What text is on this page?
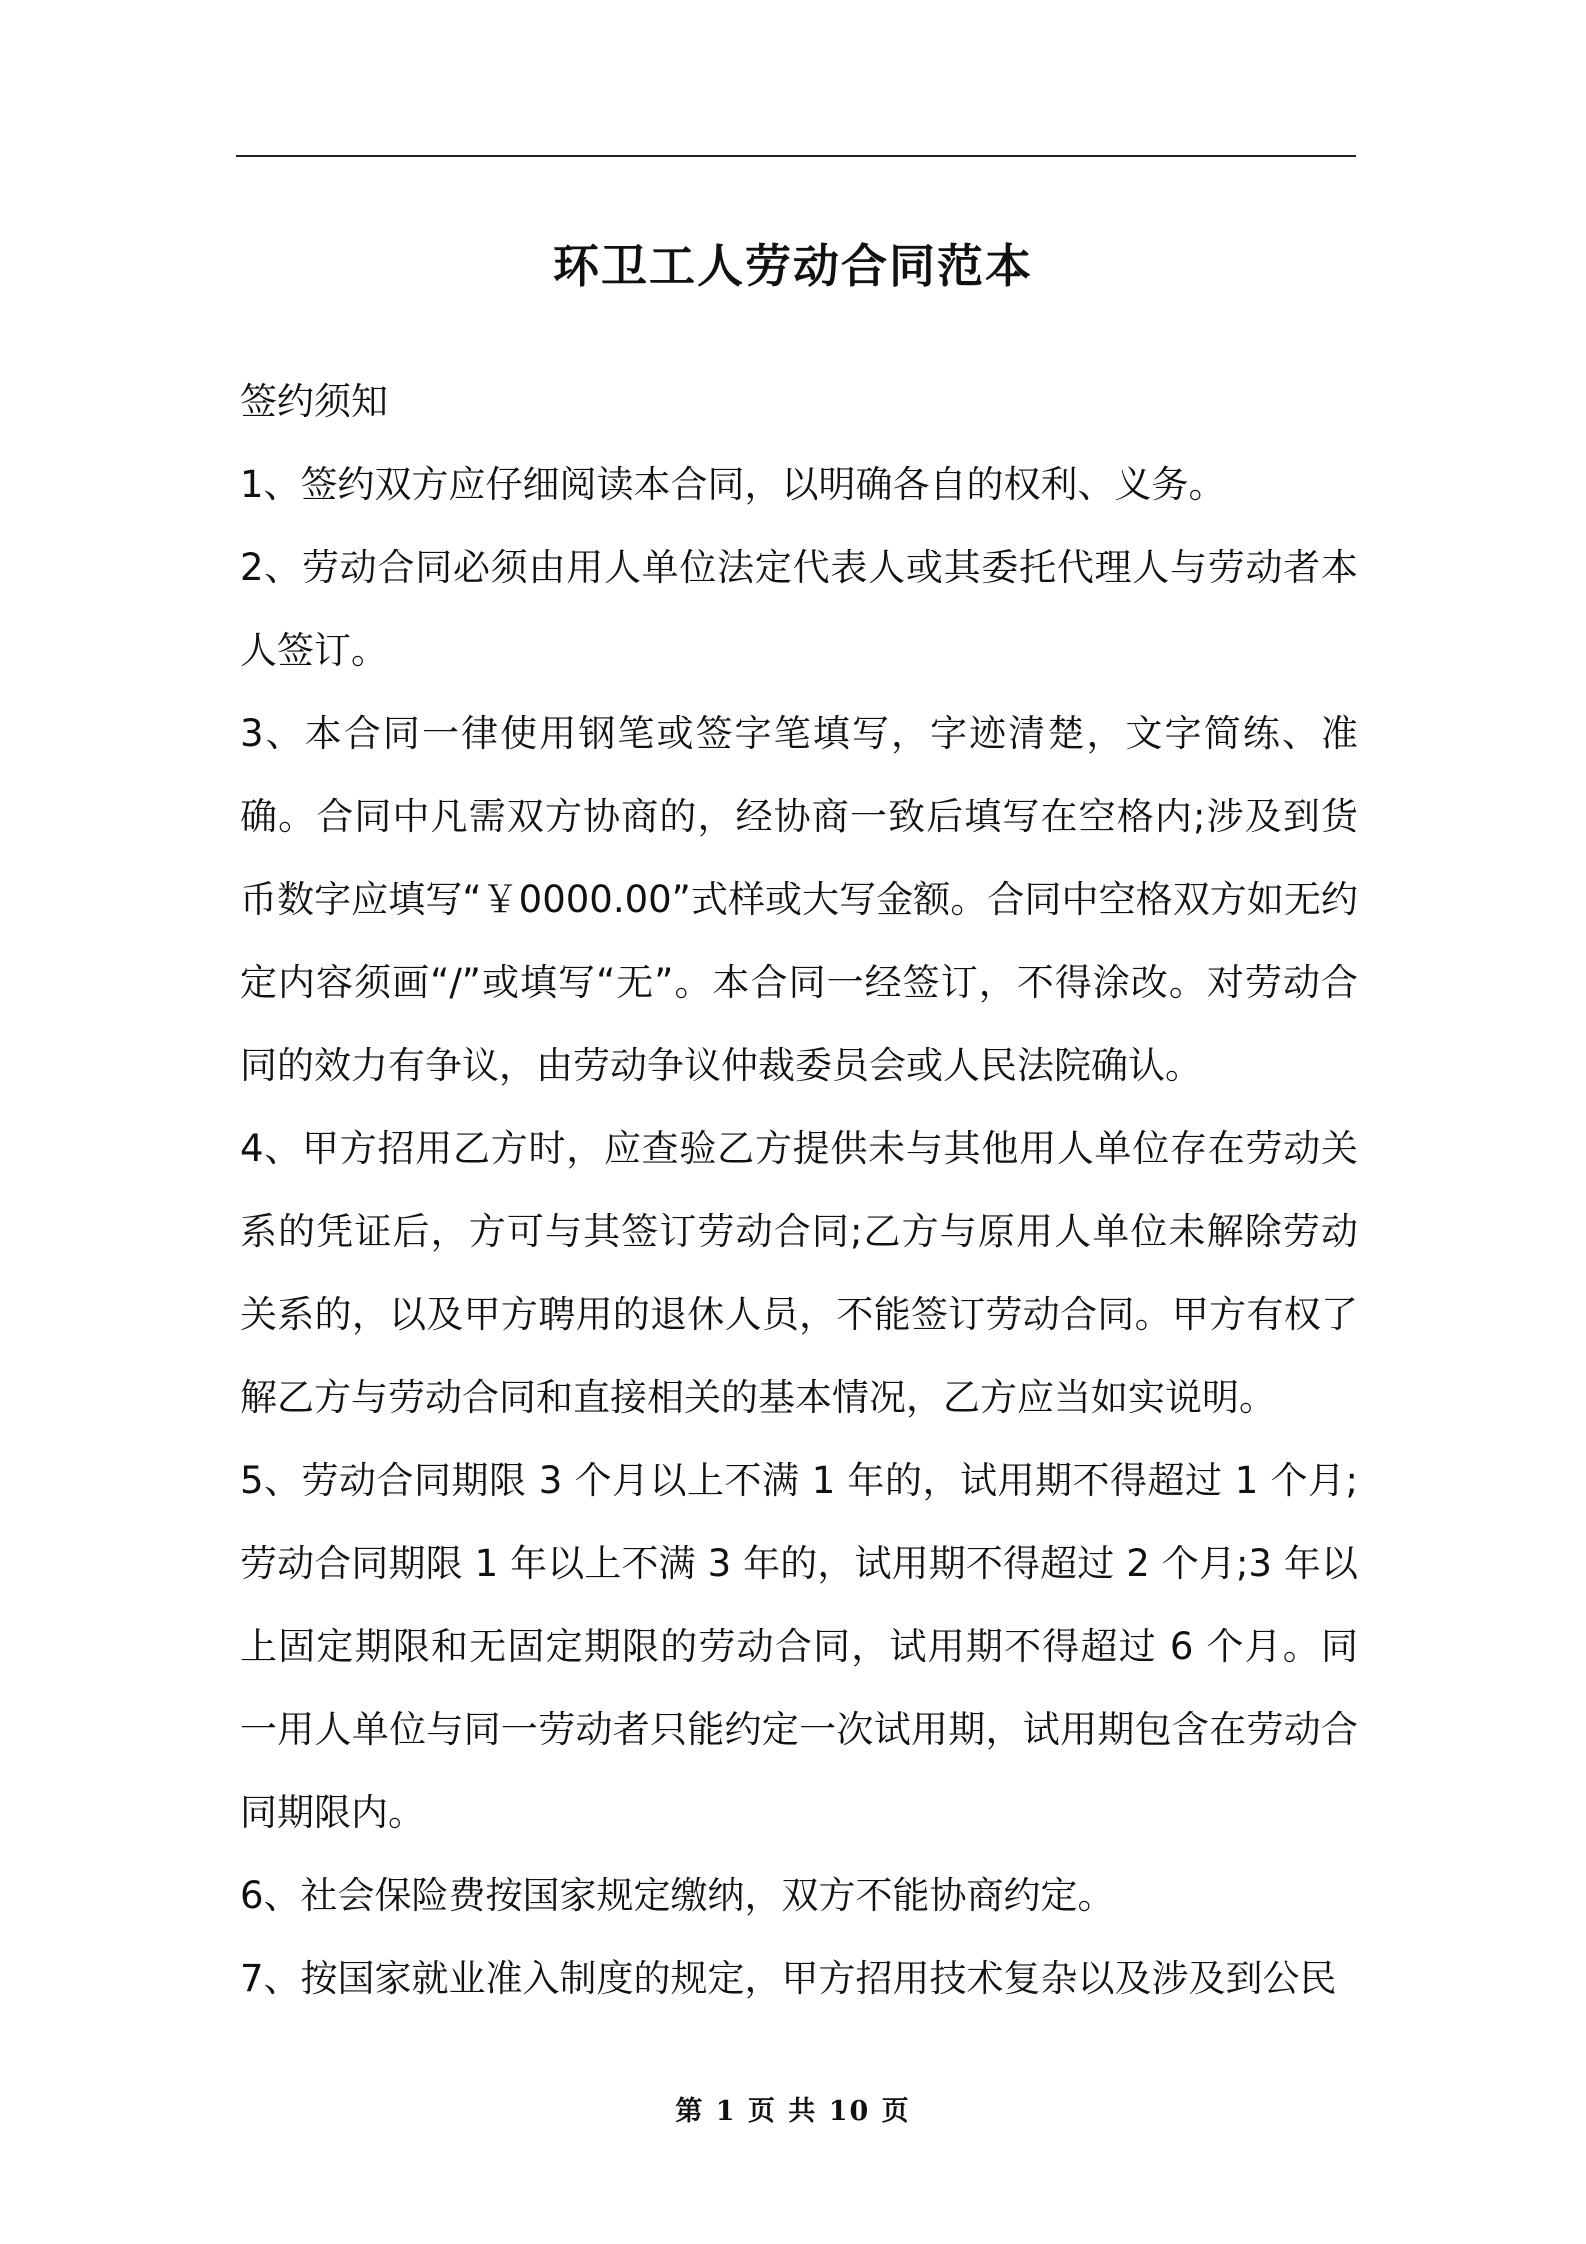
环卫工人劳动合同范本

签约须知

1、签约双方应仔细阅读本合同，以明确各自的权利、义务。

2、劳动合同必须由用人单位法定代表人或其委托代理人与劳动者本人签订。

3、本合同一律使用钢笔或签字笔填写，字迹清楚，文字简练、准确。合同中凡需双方协商的，经协商一致后填写在空格内;涉及到货币数字应填写“￥0000.00”式样或大写金额。合同中空格双方如无约定内容须画“/”或填写“无”。本合同一经签订，不得涂改。对劳动合同的效力有争议，由劳动争议仲裁委员会或人民法院确认。

4、甲方招用乙方时，应查验乙方提供未与其他用人单位存在劳动关系的凭证后，方可与其签订劳动合同;乙方与原用人单位未解除劳动关系的，以及甲方聘用的退休人员，不能签订劳动合同。甲方有权了解乙方与劳动合同和直接相关的基本情况，乙方应当如实说明。

5、劳动合同期限 3 个月以上不满 1 年的，试用期不得超过 1 个月;劳动合同期限 1 年以上不满 3 年的，试用期不得超过 2 个月;3 年以上固定期限和无固定期限的劳动合同，试用期不得超过 6 个月。同一用人单位与同一劳动者只能约定一次试用期，试用期包含在劳动合同期限内。

6、社会保险费按国家规定缴纳，双方不能协商约定。

7、按国家就业准入制度的规定，甲方招用技术复杂以及涉及到公民

第 1 页 共 10 页
